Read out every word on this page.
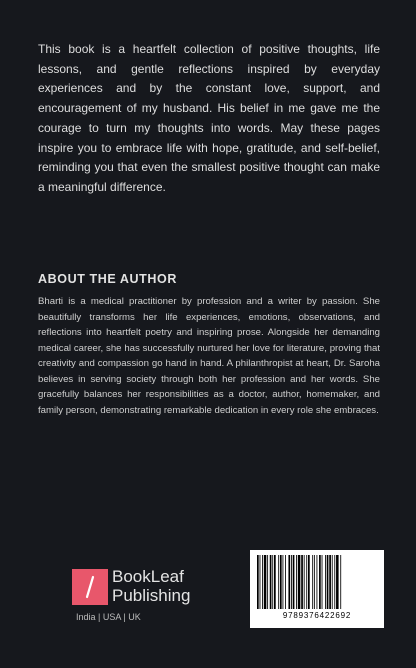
This book is a heartfelt collection of positive thoughts, life lessons, and gentle reflections inspired by everyday experiences and by the constant love, support, and encouragement of my husband. His belief in me gave me the courage to turn my thoughts into words. May these pages inspire you to embrace life with hope, gratitude, and self-belief, reminding you that even the smallest positive thought can make a meaningful difference.

ABOUT THE AUTHOR

Bharti is a medical practitioner by profession and a writer by passion. She beautifully transforms her life experiences, emotions, observations, and reflections into heartfelt poetry and inspiring prose. Alongside her demanding medical career, she has successfully nurtured her love for literature, proving that creativity and compassion go hand in hand. A philanthropist at heart, Dr. Saroha believes in serving society through both her profession and her words. She gracefully balances her responsibilities as a doctor, author, homemaker, and family person, demonstrating remarkable dedication in every role she embraces.

BookLeaf
Publishing
India | USA | UK	9789376422692
